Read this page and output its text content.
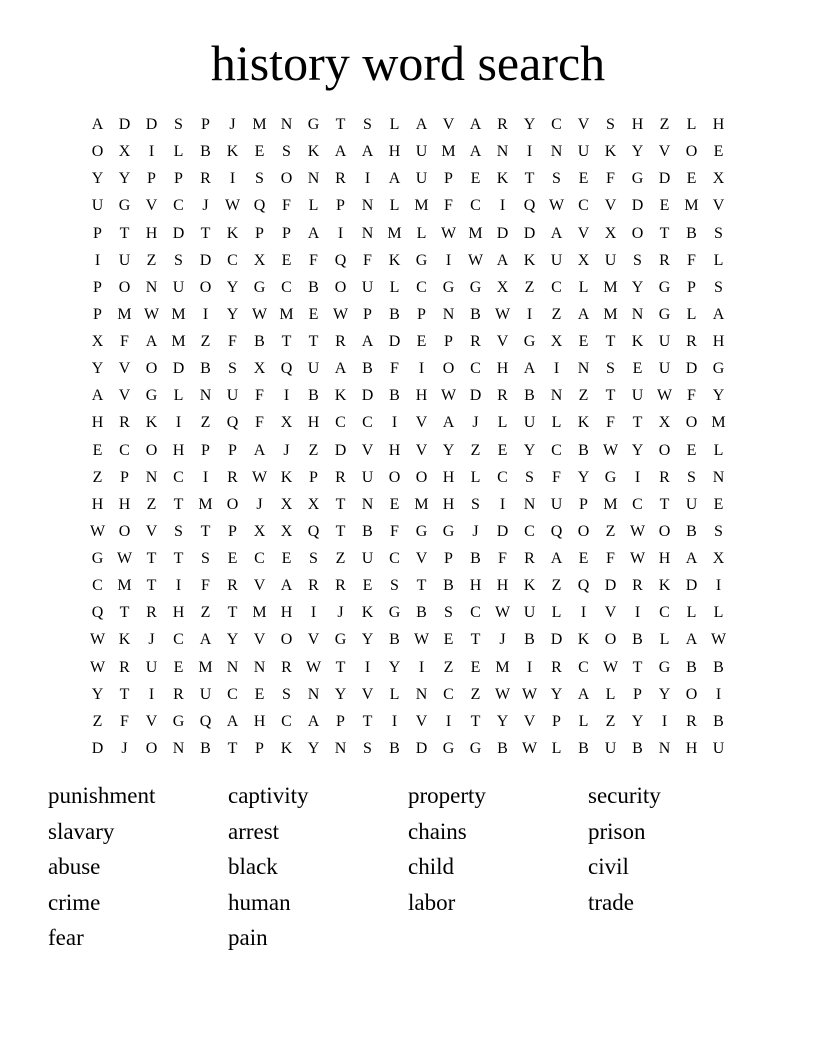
history word search
A D D	S	P	J	M N G	T	S	L	A V A R Y C V	S	H	Z	L	H
O X	I	L	B K	E	S	K A A H U M A N	I	N U K Y V O	E
Y Y	P	P	R	I	S	O N R	I	A U	P	E	K	T	S	E	F	G D	E	X
U G V C	J	W Q	F	L	P	N	L M F	C	I	Q W C V D	E M V
P	T	H D	T	K	P	P	A	I	N M L W M D D A V X O	T	B	S
I	U	Z	S	D C X	E	F	Q	F	K G	I	W A K U X U	S	R	F	L
P	O N U O Y G C	B O U	L	C G G X	Z	C	L M Y G	P	S
P M W M	I	Y W M E W P	B	P	N B W	I	Z	A M N G	L	A
X	F	A M Z	F	B	T	T	R A D	E	P	R V G X	E	T	K U R H
Y V O D B	S	X Q U A B	F	I	O C H A	I	N	S	E	U D G
A V G	L	N U	F	I	B K D B H W D R	B N	Z	T	U W F	Y
H R K	I	Z	Q	F	X H C	C	I	V A	J	L	U	L	K	F	T	X O M
E	C O H	P	P	A	J	Z	D V H V Y	Z	E	Y C	B W Y O	E	L
Z	P	N C	I	R W K	P	R U O O H	L	C	S	F	Y G	I	R	S	N
H H	Z	T M O	J	X X	T	N	E M H	S	I	N U	P M C	T	U	E
W O V	S	T	P	X X Q	T	B	F	G G	J	D C Q O	Z W O B	S
G W T	T	S	E	C	E	S	Z	U C V	P	B	F	R A	E	F W H A X
C M T	I	F	R V A R	R	E	S	T	B H H K	Z	Q D R K D	I
Q	T	R H	Z	T M H	I	J	K G B	S	C W U	L	I	V	I	C	L	L
W K	J	C A Y V O V G Y B W E	T	J	B D K O B	L	A W
W R U	E M N N R W T	I	Y	I	Z	E M	I	R	C W T	G B	B
Y	T	I	R U C	E	S	N Y V	L	N C	Z W W Y A	L	P	Y O	I
Z	F	V G Q A H C A	P	T	I	V	I	T	Y V	P	L	Z	Y	I	R	B
D	J	O N B	T	P	K Y N	S	B D G G B W L	B U B N H U
punishment	captivity	property	security
slavary	arrest	chains	prison
abuse	black	child	civil
crime	human	labor	trade
fear	pain
